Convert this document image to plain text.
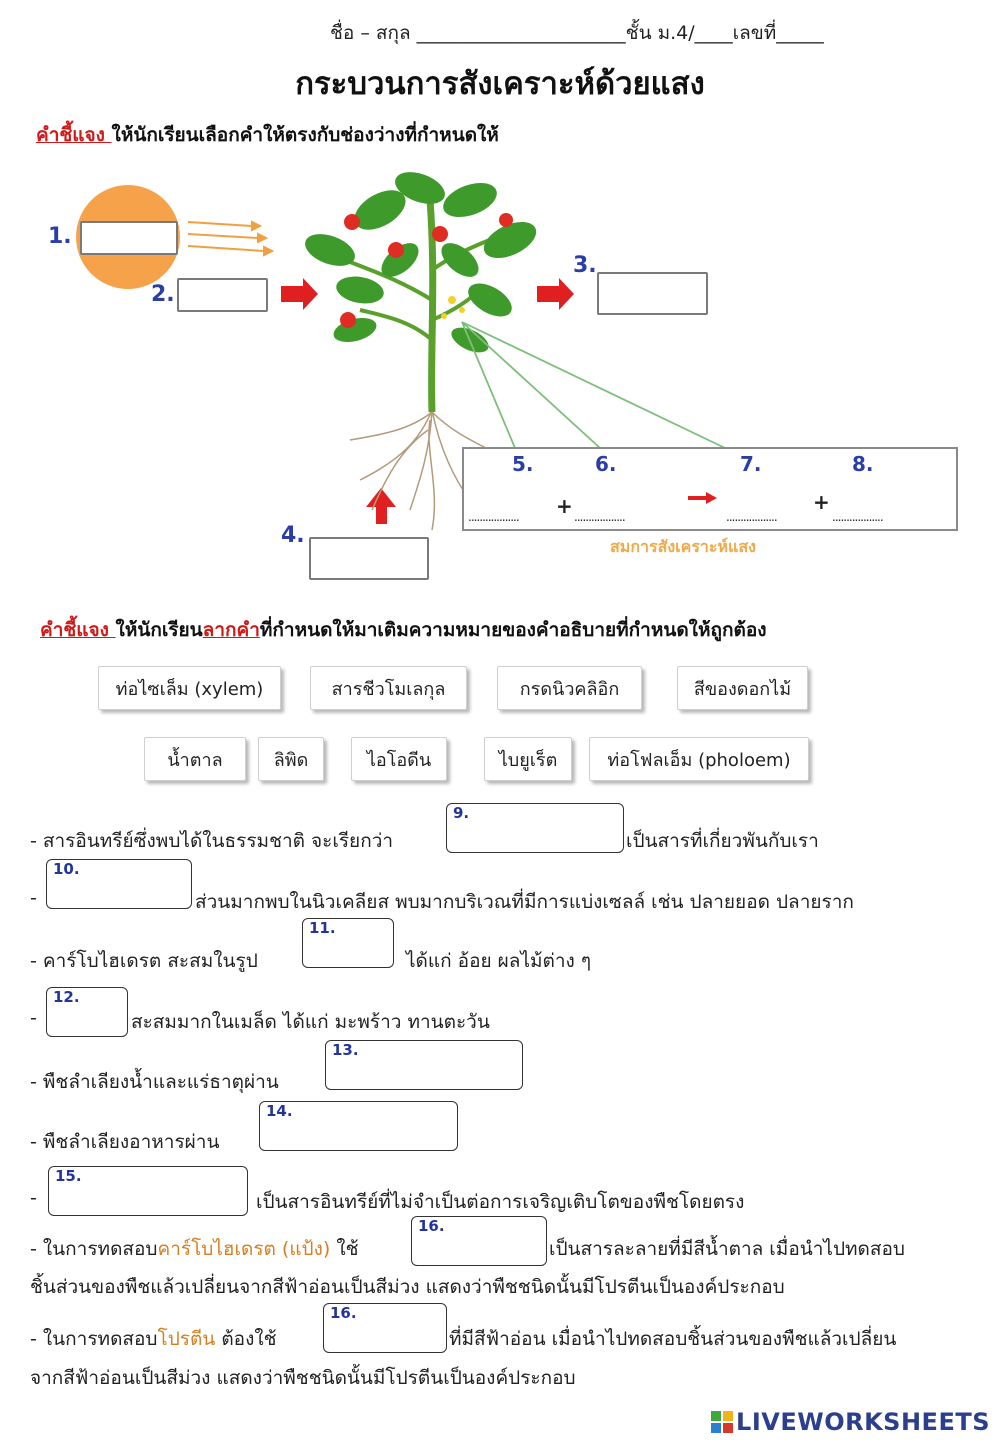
ชื่อ – สกุล ______________________ชั้น ม.4/____เลขที่_____
กระบวนการสังเคราะห์ด้วยแสง
คำชี้แจง ให้นักเรียนเลือกคำให้ตรงกับช่องว่างที่กำหนดให้
1.
2.
3.
4.
5.	6.	7.	8.
.................. + ..................	..................
+
..................
สมการสังเคราะห์แสง
คำชี้แจง ให้นักเรียนลากคำที่กำหนดให้มาเติมความหมายของคำอธิบายที่กำหนดให้ถูกต้อง
ท่อไซเล็ม (xylem)	สารชีวโมเลกุล	กรดนิวคลิอิก	สีของดอกไม้
น้ำตาล	ลิพิด	ไอโอดีน	ไบยูเร็ต	ท่อโฟลเอ็ม (pholoem)
- สารอินทรีย์ซึ่งพบได้ในธรรมชาติ จะเรียกว่า
9.
เป็นสารที่เกี่ยวพันกับเรา
-
10.
ส่วนมากพบในนิวเคลียส พบมากบริเวณที่มีการแบ่งเซลล์ เช่น ปลายยอด ปลายราก
- คาร์โบไฮเดรต สะสมในรูป
11.
ได้แก่ อ้อย ผลไม้ต่าง ๆ
-
12.
สะสมมากในเมล็ด ได้แก่ มะพร้าว ทานตะวัน
- พืชลำเลียงน้ำและแร่ธาตุผ่าน
13.
- พืชลำเลียงอาหารผ่าน
14.
-
15.
เป็นสารอินทรีย์ที่ไม่จำเป็นต่อการเจริญเติบโตของพืชโดยตรง
- ในการทดสอบคาร์โบไฮเดรต (แป้ง) ใช้
16.
เป็นสารละลายที่มีสีน้ำตาล เมื่อนำไปทดสอบ
ชิ้นส่วนของพืชแล้วเปลี่ยนจากสีฟ้าอ่อนเป็นสีม่วง แสดงว่าพืชชนิดนั้นมีโปรตีนเป็นองค์ประกอบ
- ในการทดสอบโปรตีน ต้องใช้
16.
ที่มีสีฟ้าอ่อน เมื่อนำไปทดสอบชิ้นส่วนของพืชแล้วเปลี่ยน
จากสีฟ้าอ่อนเป็นสีม่วง แสดงว่าพืชชนิดนั้นมีโปรตีนเป็นองค์ประกอบ
LIVEWORKSHEETS
